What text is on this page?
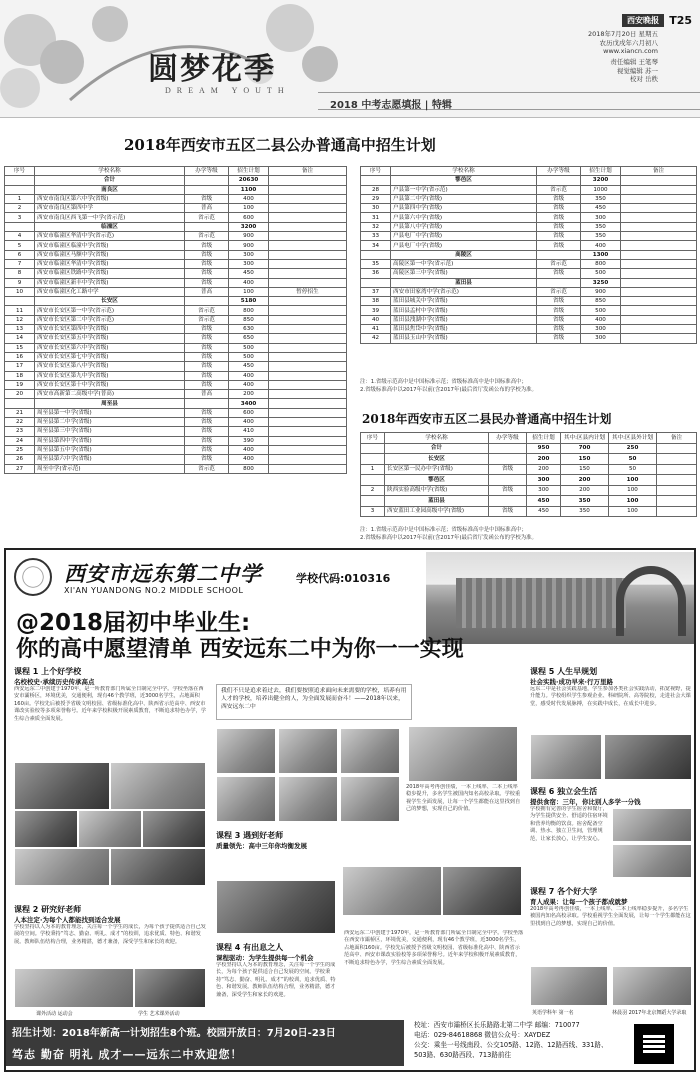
圆梦花季
DREAM YOUTH
西安晚报 T25
2018年7月20日 星期五
农历戊戌年六月初八
www.xiancn.com
责任编辑 王笔琴
视觉编辑 苏一
校对 岳秩
2018 中考志愿填报 | 特辑
2018年西安市五区二县公办普通高中招生计划
序号	学校名称	办学等级	招生计划	备注
	合计		20630	
	南良区		1100	
1	西安市南良区第六中学(省级)	省级	400	
2	西安市南良区第四中学	普高	100	
3	西安市南良区西飞第一中学(省示范)	省示范	600	
	临潼区		3200	
4	西安市临潼区华清中学(省示范)	省示范	900	
5	西安市临潼区临潼中学(省级)	省级	900	
6	西安市临潼区马额中学(省级)	省级	300	
7	西安市临潼区华清中学(省级)	省级	300	
8	西安市临潼区铁路中学(省级)	省级	450	
9	西安市临潼区新丰中学(省级)	省级	400	
10	西安市临潼区化工路中学	普高	100	暂停招生
	长安区		5180	
11	西安市长安区第一中学(省示范)	省示范	800	
12	西安市长安区第二中学(省示范)	省示范	850	
13	西安市长安区第四中学(省级)	省级	630	
14	西安市长安区第五中学(省级)	省级	650	
15	西安市长安区第六中学(省级)	省级	500	
16	西安市长安区第七中学(省级)	省级	500	
17	西安市长安区第八中学(省级)	省级	450	
18	西安市长安区第九中学(省级)	省级	400	
19	西安市长安区第十中学(省级)	省级	400	
20	西安市高新第二高级中学(普高)	普高	200	
	周至县		3400	
21	周至县第一中学(省级)	省级	600	
22	周至县第二中学(省级)	省级	400	
23	周至县第三中学(省级)	省级	410	
24	周至县第四中学(省级)	省级	390	
25	周至县第五中学(省级)	省级	400	
26	周至县第六中学(省级)	省级	400	
27	周至中学(省示范)	省示范	800	
序号	学校名称	办学等级	招生计划	备注
	鄠邑区		3200	
28	户县第一中学(省示范)	省示范	1000	
29	户县第二中学(省级)	省级	350	
30	户县第四中学(省级)	省级	450	
31	户县第六中学(省级)	省级	300	
32	户县第八中学(省级)	省级	350	
33	户县电厂中学(省级)	省级	350	
34	户县电厂中学(省级)	省级	400	
	高陵区		1300	
35	高陵区第一中学(省示范)	省示范	800	
36	高陵区第三中学(省级)	省级	500	
	蓝田县		3250	
37	西安市田家湾中学(省示范)	省示范	900	
38	蓝田县城关中学(省级)	省级	850	
39	蓝田县孟村中学(省级)	省级	500	
40	蓝田县洩湖中学(省级)	省级	400	
41	蓝田县焦岱中学(省级)	省级	300	
42	蓝田县玉山中学(省级)	省级	300	
注：1.省级示范高中是中国标准示范；省级标准高中是中国标准高中；
2.省级标准高中以2017年以前(含2017年)最后省厅发函公布的学校为准。
2018年西安市五区二县民办普通高中招生计划
序号	学校名称	办学等级	招生计划	其中:区县内计划	其中:区县外计划	备注
	合计		950	700	250	
	长安区		200	150	50	
1	长安区第一民办中学(省级)	省级	200	150	50	
	鄠邑区		300	200	100	
2	陕西实验高级中学(省级)	省级	300	200	100	
	蓝田县		450	350	100	
3	西安蓝田工业园高级中学(省级)	省级	450	350	100	
注：1.省级示范高中是中国标准示范；省级标准高中是中国标准高中；
2.省级标准高中以2017年以前(含2017年)最后省厅发函公布的学校为准。
西安市远东第二中学
XI'AN YUANDONG NO.2 MIDDLE SCHOOL
学校代码:010316
@2018届初中毕业生:
你的高中愿望清单 西安远东二中为你一一实现
课程 1 上个好学校
名校校史·承续历史传承高点
西安远东二中创建于1970年，是一所教育部门所属全日制完全中学。学校坐落在西安市灞桥区，环境优美，交通便利，现有46个教学班，近3000名学生，占地面积160亩。学校先后被授予省级文明校园、省级标准化高中、陕西省示范高中、西安市课改实验校等多项荣誉称号。近年来学校积极开展素质教育，不断追求特色办学，学生综合素质全面发展。
课程 2 研究好老师
人本注定·为每个人都能找到适合发展
学校坚持以人为本的教育理念，关注每一个学生的成长，为每个孩子提供适合自己发展的空间。学校秉持“笃志、勤奋、明礼、成才”的校训，追求优质、特色、和谐发展。教师队伍结构合理，业务精湛，德才兼备，深受学生和家长的欢迎。
课外活动 运动会	学生 艺术课外活动
我们不只是追求着过去，我们要按照追求面向未来需要的学校，培养有用人才的学校，培养出健全的人，为全面发展而奋斗！——2018年以来，西安远东二中
2018年高考再创佳绩，一本上线率、二本上线率稳步提升，多名学生被国内知名高校录取。学校重视学生全面发展，让每一个学生都能在这里找到自己的梦想，实现自己的价值。
课程 3 遇到好老师
质量领先：高中三年你均衡发展
课程 4 有出息之人
课程驱动：为学生提供每一个机会
学校坚持以人为本的教育理念，关注每一个学生的成长，为每个孩子提供适合自己发展的空间。学校秉持“笃志、勤奋、明礼、成才”的校训，追求优质、特色、和谐发展。教师队伍结构合理，业务精湛，德才兼备，深受学生和家长的欢迎。
西安远东二中创建于1970年，是一所教育部门所属全日制完全中学。学校坐落在西安市灞桥区，环境优美，交通便利，现有46个教学班，近3000名学生，占地面积160亩。学校先后被授予省级文明校园、省级标准化高中、陕西省示范高中、西安市课改实验校等多项荣誉称号。近年来学校积极开展素质教育，不断追求特色办学，学生综合素质全面发展。
课程 5 人生早规划
社会实践·成功早来·行万里路
远东二中是社会实践基地，学生参加各类社会实践活动，拓宽视野，提升能力。学校组织学生参观企业、科研院所、高等院校，走进社会大课堂，感受时代发展脉搏，在实践中成长，在成长中进步。
课程 6 独立会生活
提供食宿：三年，你比别人多学一分钱
学校拥有完善的学生宿舍和餐厅，为学生提供安全、舒适的住宿环境和营养均衡的饮食。宿舍配备空调、热水、独立卫生间，管理规范，让家长放心，让学生安心。
课程 7 各个好大学
育人成果：让每一个孩子都成就梦
2018年高考再创佳绩，一本上线率、二本上线率稳步提升，多名学生被国内知名高校录取。学校重视学生全面发展，让每一个学生都能在这里找到自己的梦想，实现自己的价值。
英语学科年 第一名	林晨羽 2017年北京舞蹈大学录取
招生计划：2018年新高一计划招生8个班。校园开放日：7月20日-23日
笃志 勤奋 明礼 成才——远东二中欢迎您！
校址：西安市灞桥区长乐路路北第二中学 邮编：710077
电话：029-84618868 微信公众号：XAYDEZ
公交：乘坐一号线南段、公交105路、12路、12路西线、331路、
503路、630路西段、713路前往
